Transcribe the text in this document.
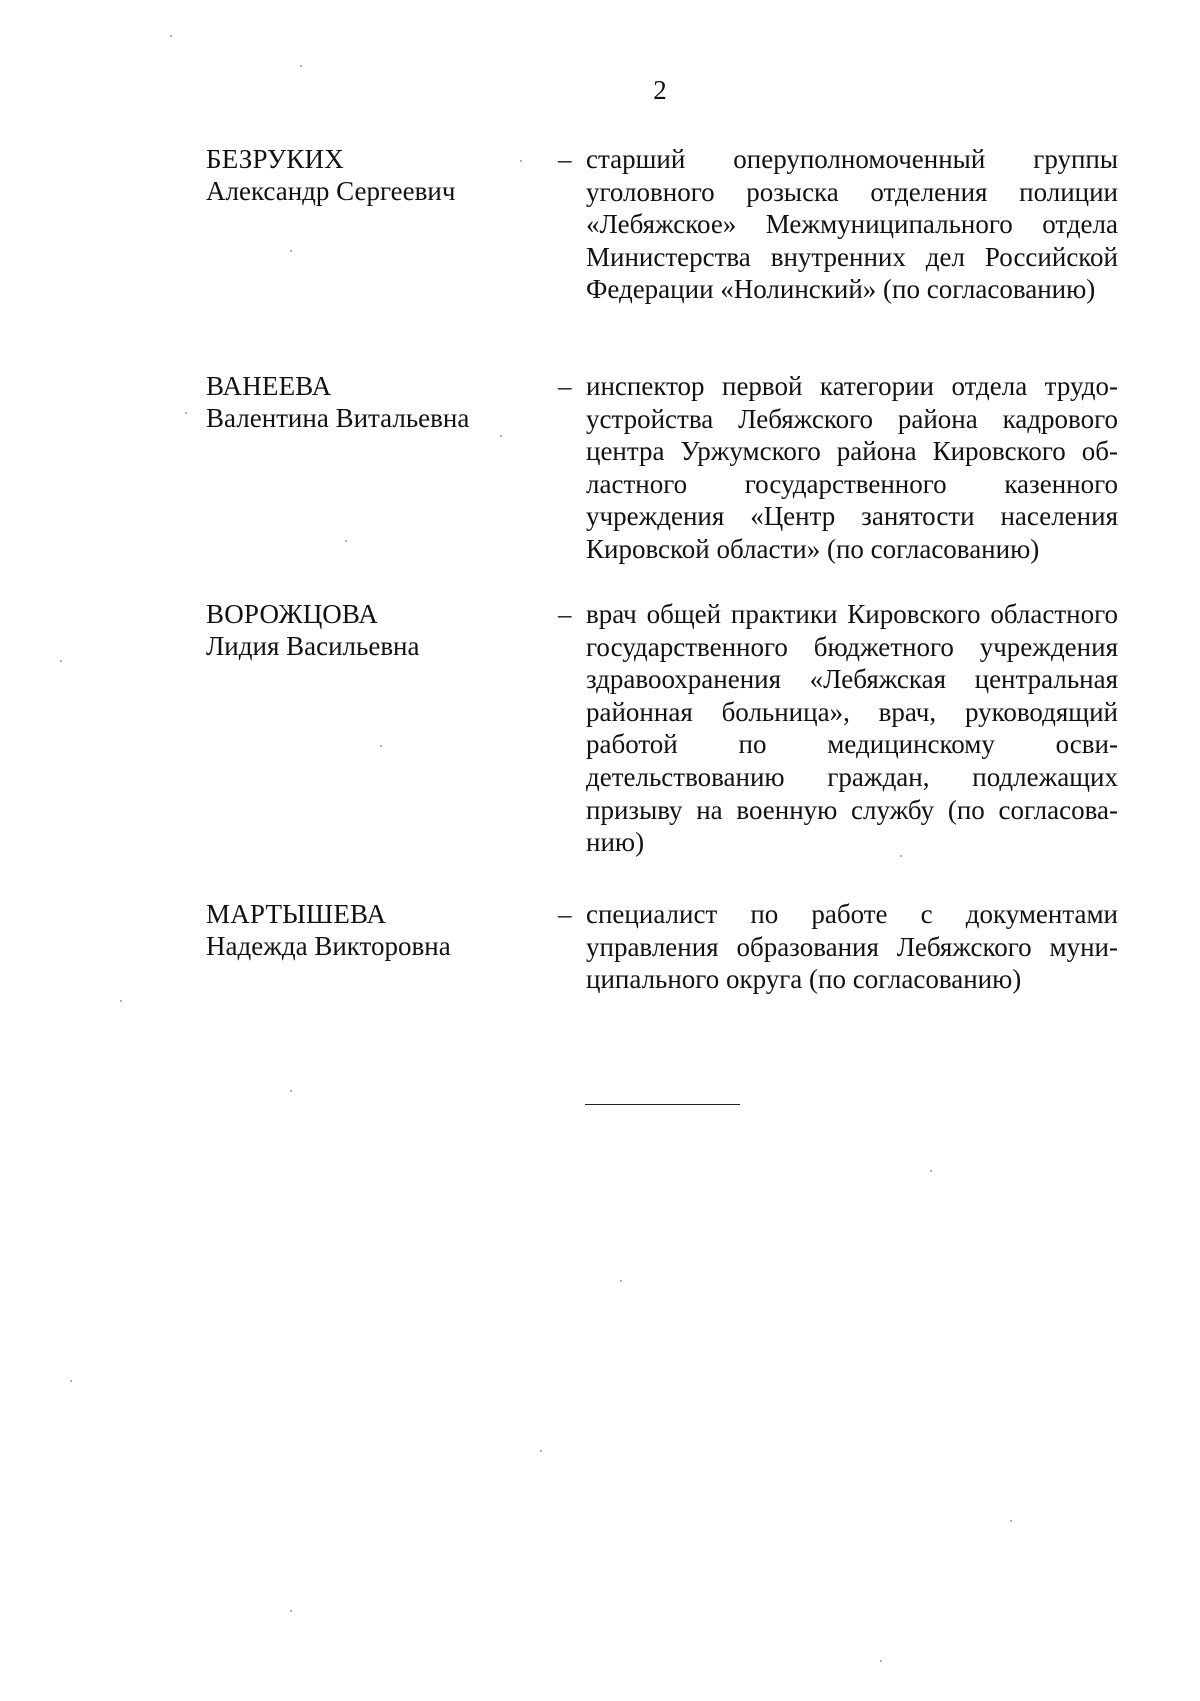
2
БЕЗРУКИХ
Александр Сергеевич
– старший оперуполномоченный группы уголовного розыска отделения полиции «Лебяжское» Межмуниципального отдела Министерства внутренних дел Российской Федерации «Нолинский» (по согласованию)
ВАНЕЕВА
Валентина Витальевна
– инспектор первой категории отдела трудоустройства Лебяжского района кадрового центра Уржумского района Кировского областного государственного казенного учреждения «Центр занятости населения Кировской области» (по согласованию)
ВОРОЖЦОВА
Лидия Васильевна
– врач общей практики Кировского областного государственного бюджетного учреждения здравоохранения «Лебяжская центральная районная больница», врач, руководящий работой по медицинскому освидетельствованию граждан, подлежащих призыву на военную службу (по согласованию)
МАРТЫШЕВА
Надежда Викторовна
– специалист по работе с документами управления образования Лебяжского муниципального округа (по согласованию)
